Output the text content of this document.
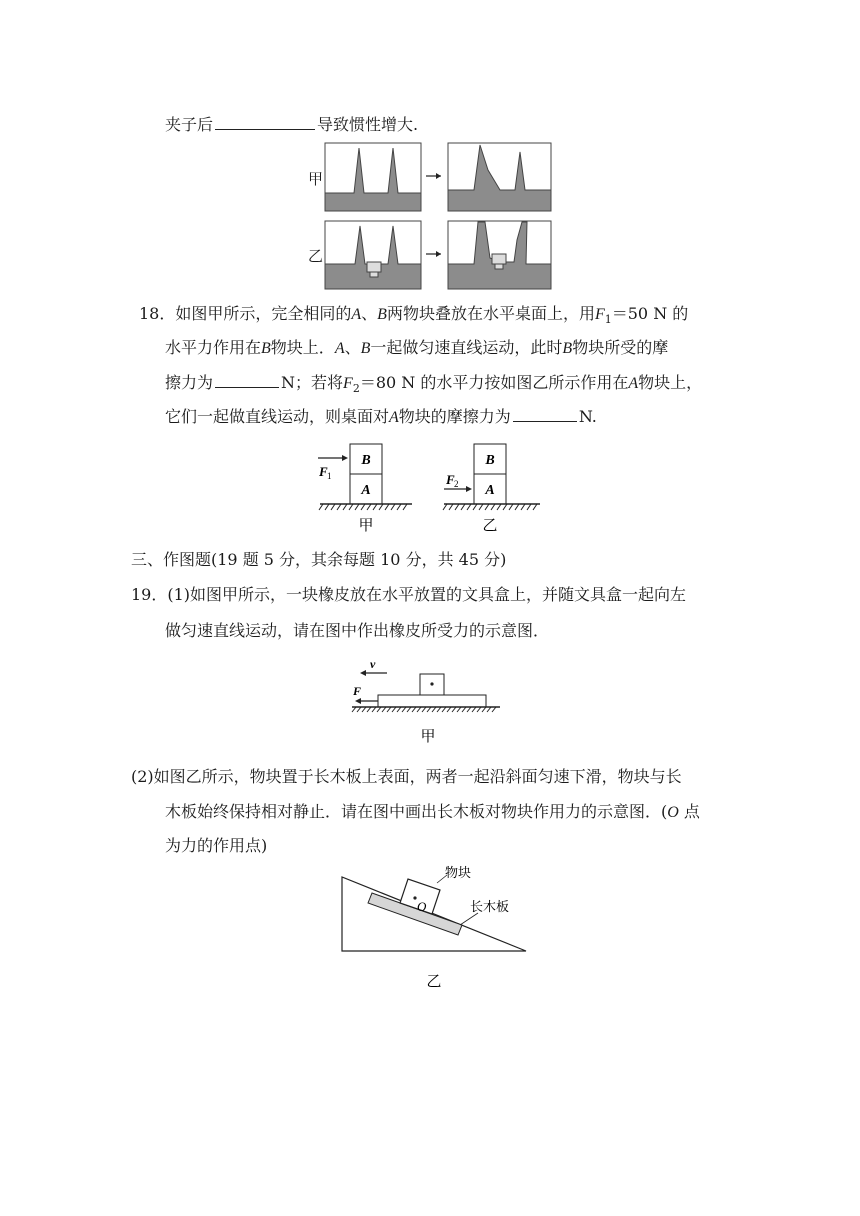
夹子后	导致惯性增大.
甲
乙
18．如图甲所示，完全相同的A、B两物块叠放在水平桌面上，用$F_1=50$ N 的
水平力作用在B物块上．A、B一起做匀速直线运动，此时B物块所受的摩
擦力为	N；若将$F_2=80$ N 的水平力按如图乙所示作用在A物块上，
它们一起做直线运动，则桌面对A物块的摩擦力为	N.
B
A
F 1
甲
B
A
F 2
乙
三、作图题(19 题 5 分，其余每题 10 分，共 45 分)
19．(1)如图甲所示，一块橡皮放在水平放置的文具盒上，并随文具盒一起向左
做匀速直线运动，请在图中作出橡皮所受力的示意图．
v
F
甲
(2)如图乙所示，物块置于长木板上表面，两者一起沿斜面匀速下滑，物块与长
木板始终保持相对静止．请在图中画出长木板对物块作用力的示意图．(O 点
为力的作用点)
O
物块
长木板
乙
